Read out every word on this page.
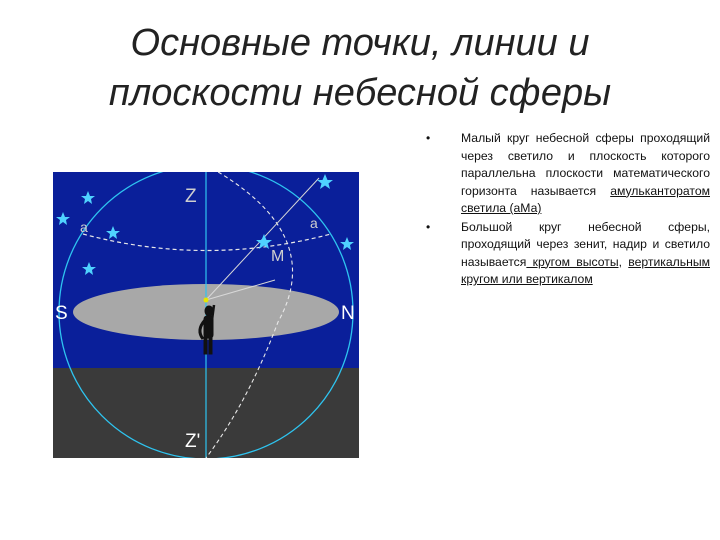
Основные точки, линии и
плоскости небесной сферы
Z
Z'
S	N
M
a	a
•	Малый круг небесной сферы проходящий через светило и плоскость которого параллельна плоскости математического горизонта называется амульканторатом светила (аМа)
•	Большой круг небесной сферы, проходящий через зенит, надир и светило называется кругом высоты, вертикальным кругом или вертикалом
